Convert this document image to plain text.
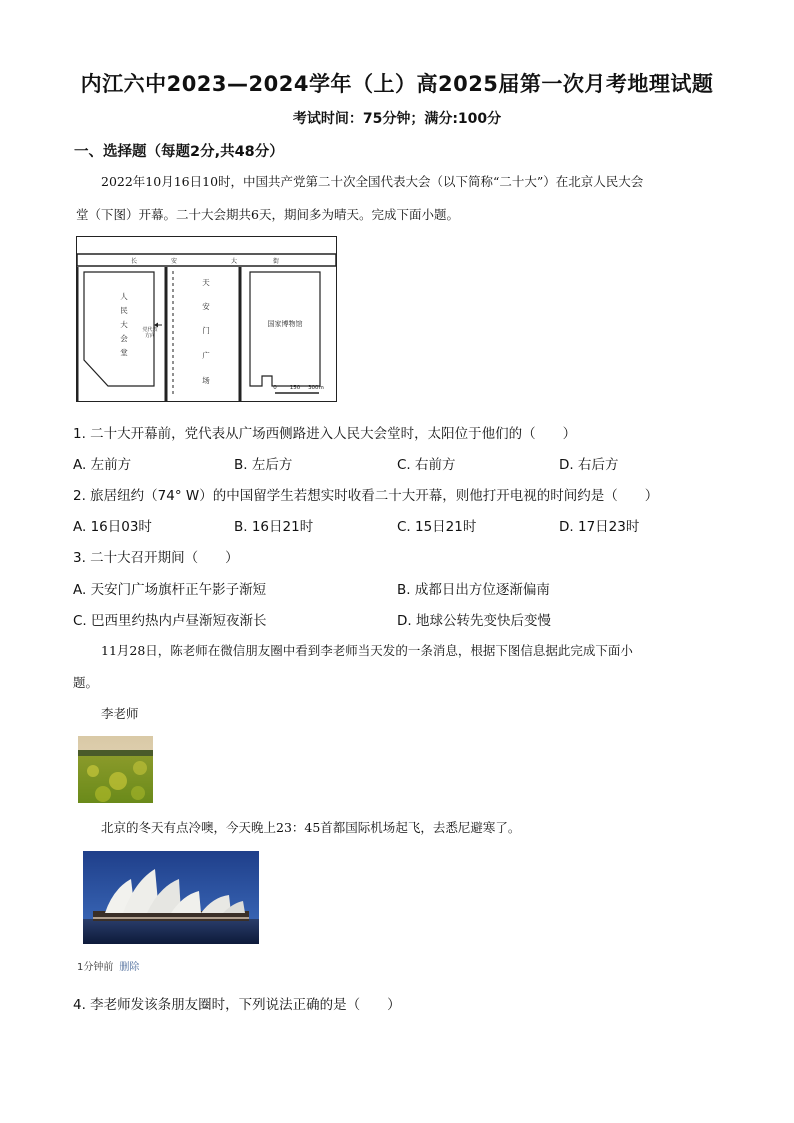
内江六中2023—2024学年（上）高2025届第一次月考地理试题
考试时间：75分钟；满分:100分
一、选择题（每题2分,共48分）
2022年10月16日10时，中国共产党第二十次全国代表大会（以下简称“二十大”）在北京人民大会
堂（下图）开幕。二十大会期共6天，期间多为晴天。完成下面小题。
长	安	大	街
人
民
大
会
堂
党代表
方向
天
安
门
广
场
国家博物馆
0 150 300m
1. 二十大开幕前，党代表从广场西侧路进入人民大会堂时，太阳位于他们的（　　）
A. 左前方	B. 左后方	C. 右前方	D. 右后方
2. 旅居纽约（74° W）的中国留学生若想实时收看二十大开幕，则他打开电视的时间约是（　　）
A. 16日03时	B. 16日21时	C. 15日21时	D. 17日23时
3. 二十大召开期间（　　）
A. 天安门广场旗杆正午影子渐短	B. 成都日出方位逐渐偏南
C. 巴西里约热内卢昼渐短夜渐长	D. 地球公转先变快后变慢
11月28日，陈老师在微信朋友圈中看到李老师当天发的一条消息，根据下图信息据此完成下面小
题。
李老师
北京的冬天有点冷噢，今天晚上23：45首都国际机场起飞，去悉尼避寒了。
1分钟前 删除
4. 李老师发该条朋友圈时，下列说法正确的是（　　）
